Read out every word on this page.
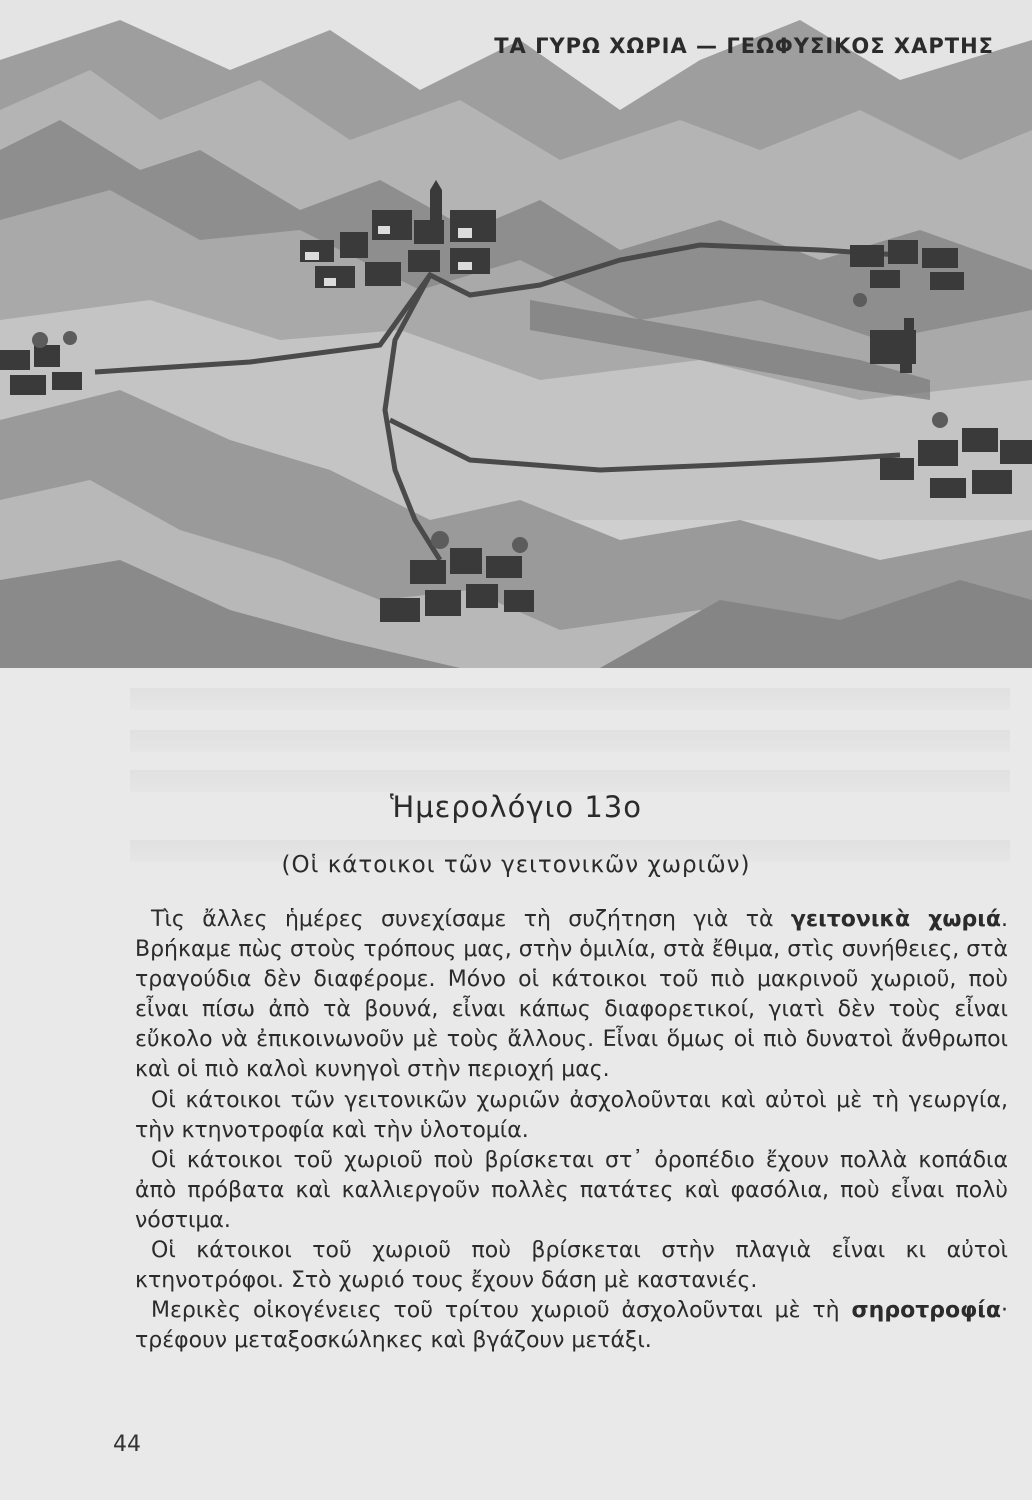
ΤΑ ΓΥΡΩ ΧΩΡΙΑ — ΓΕΩΦΥΣΙΚΟΣ ΧΑΡΤΗΣ
Ἡμερολόγιο 13ο
(Οἱ κάτοικοι τῶν γειτονικῶν χωριῶν)

Τὶς ἄλλες ἡμέρες συνεχίσαμε τὴ συζήτηση γιὰ τὰ γειτονικὰ χωριά. Βρήκαμε πὼς στοὺς τρόπους μας, στὴν ὁμιλία, στὰ ἔθιμα, στὶς συνήθειες, στὰ τραγούδια δὲν διαφέρομε. Μόνο οἱ κάτοικοι τοῦ πιὸ μακρινοῦ χωριοῦ, ποὺ εἶναι πίσω ἀπὸ τὰ βουνά, εἶναι κάπως διαφορετικοί, γιατὶ δὲν τοὺς εἶναι εὔκολο νὰ ἐπικοινωνοῦν μὲ τοὺς ἄλλους. Εἶναι ὅμως οἱ πιὸ δυνατοὶ ἄνθρωποι καὶ οἱ πιὸ καλοὶ κυνηγοὶ στὴν περιοχή μας.

Οἱ κάτοικοι τῶν γειτονικῶν χωριῶν ἀσχολοῦνται καὶ αὐτοὶ μὲ τὴ γεωργία, τὴν κτηνοτροφία καὶ τὴν ὑλοτομία.

Οἱ κάτοικοι τοῦ χωριοῦ ποὺ βρίσκεται στ᾽ ὀροπέδιο ἔχουν πολλὰ κοπάδια ἀπὸ πρόβατα καὶ καλλιεργοῦν πολλὲς πατάτες καὶ φασόλια, ποὺ εἶναι πολὺ νόστιμα.

Οἱ κάτοικοι τοῦ χωριοῦ ποὺ βρίσκεται στὴν πλαγιὰ εἶναι κι αὐτοὶ κτηνοτρόφοι. Στὸ χωριό τους ἔχουν δάση μὲ καστανιές.

Μερικὲς οἰκογένειες τοῦ τρίτου χωριοῦ ἀσχολοῦνται μὲ τὴ σηροτροφία· τρέφουν μεταξοσκώληκες καὶ βγάζουν μετάξι.

44
